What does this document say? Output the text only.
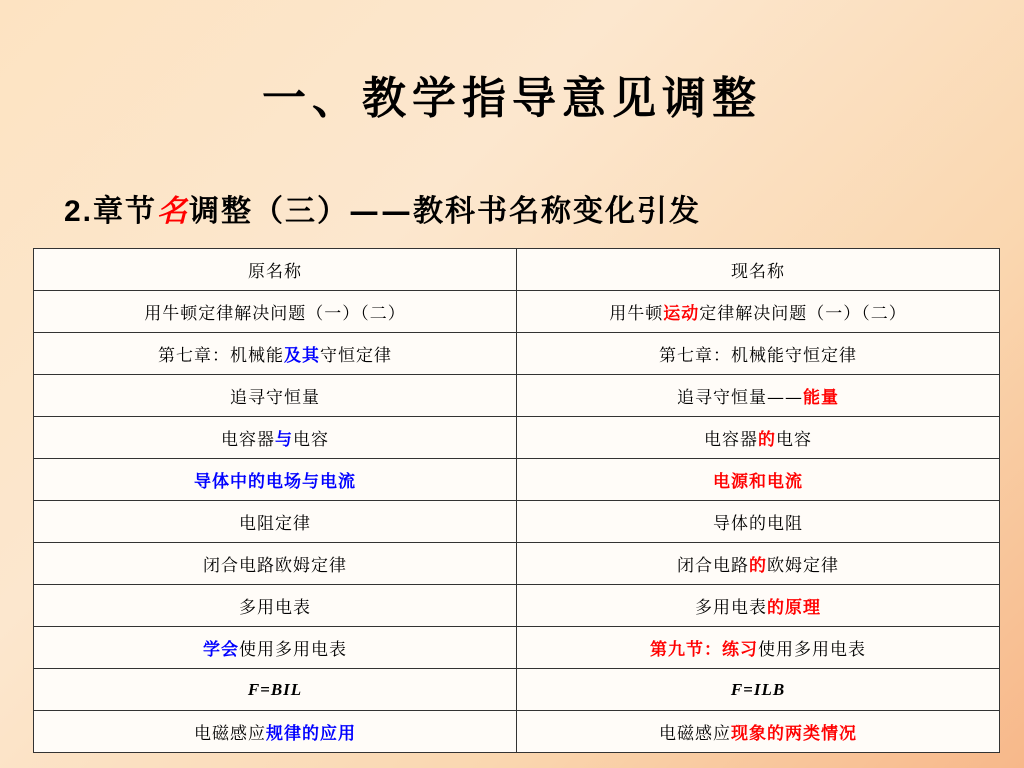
一、教学指导意见调整
2.章节名调整（三）——教科书名称变化引发
原名称	现名称
用牛顿定律解决问题（一）（二）	用牛顿运动定律解决问题（一）（二）
第七章：机械能及其守恒定律	第七章：机械能守恒定律
追寻守恒量	追寻守恒量——能量
电容器与电容	电容器的电容
导体中的电场与电流	电源和电流
电阻定律	导体的电阻
闭合电路欧姆定律	闭合电路的欧姆定律
多用电表	多用电表的原理
学会使用多用电表	第九节：练习使用多用电表
F=BIL	F=ILB
电磁感应规律的应用	电磁感应现象的两类情况
